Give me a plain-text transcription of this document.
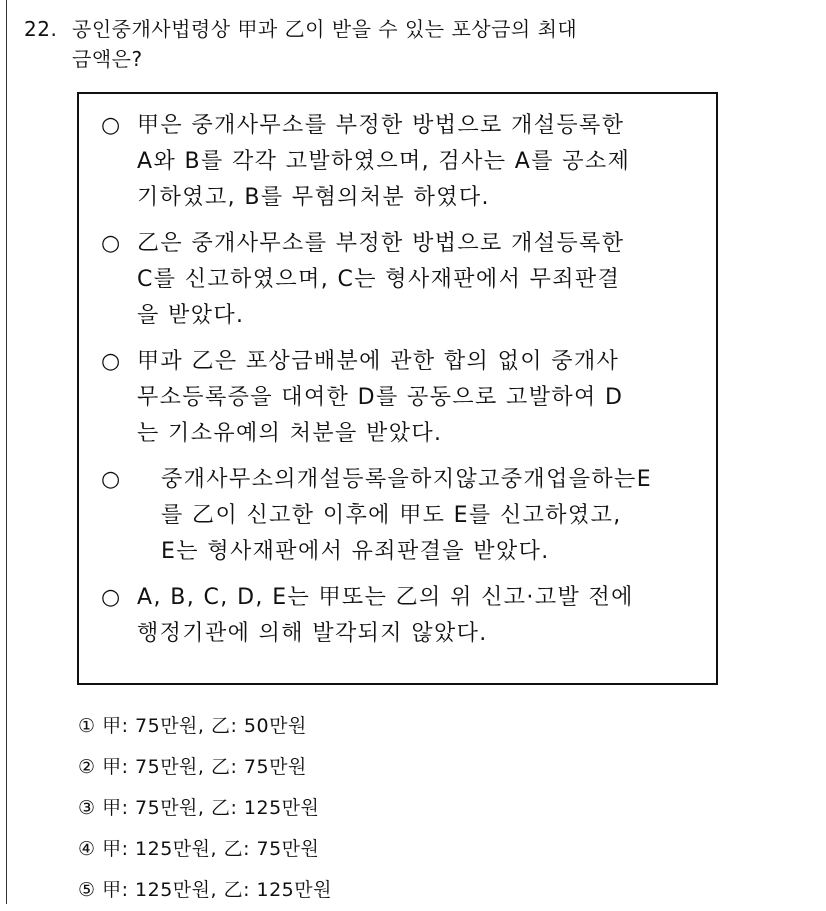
22. 공인중개사법령상 甲과 乙이 받을 수 있는 포상금의 최대
금액은?
○ 甲은 중개사무소를 부정한 방법으로 개설등록한
A와 B를 각각 고발하였으며, 검사는 A를 공소제
기하였고, B를 무혐의처분 하였다.
○ 乙은 중개사무소를 부정한 방법으로 개설등록한
C를 신고하였으며, C는 형사재판에서 무죄판결
을 받았다.
○ 甲과 乙은 포상금배분에 관한 합의 없이 중개사
무소등록증을 대여한 D를 공동으로 고발하여 D
는 기소유예의 처분을 받았다.
○	중개사무소의개설등록을하지않고중개업을하는E
를 乙이 신고한 이후에 甲도 E를 신고하였고,
E는 형사재판에서 유죄판결을 받았다.
○ A, B, C, D, E는 甲또는 乙의 위 신고·고발 전에
행정기관에 의해 발각되지 않았다.
① 甲: 75만원, 乙: 50만원
② 甲: 75만원, 乙: 75만원
③ 甲: 75만원, 乙: 125만원
④ 甲: 125만원, 乙: 75만원
⑤ 甲: 125만원, 乙: 125만원
